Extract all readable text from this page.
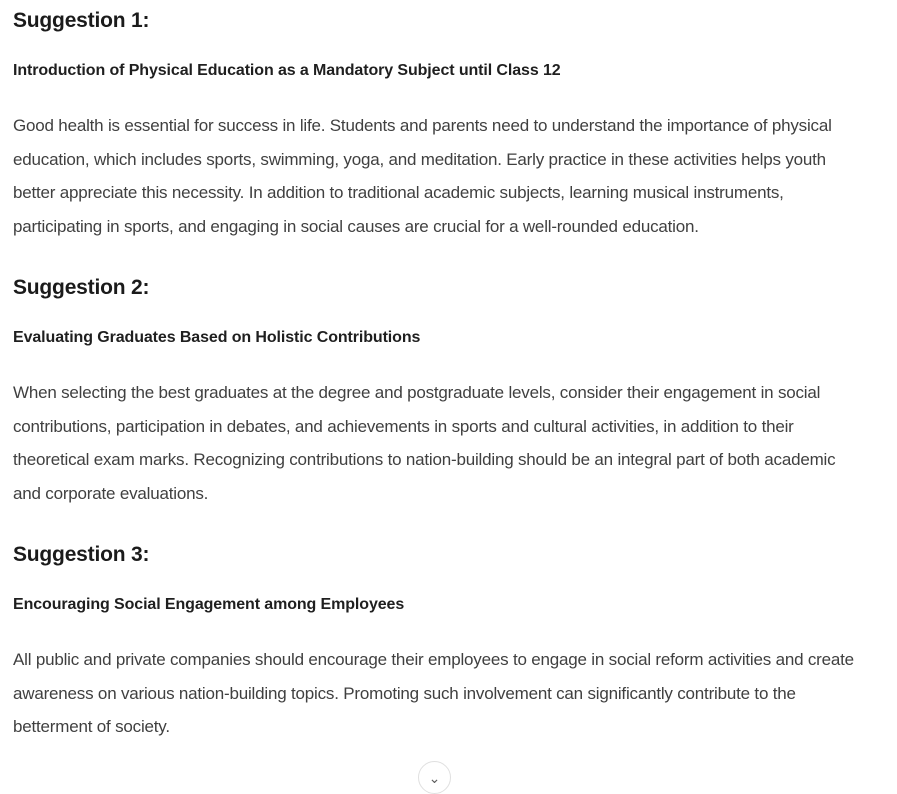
Suggestion 1:

Introduction of Physical Education as a Mandatory Subject until Class 12

Good health is essential for success in life. Students and parents need to understand the importance of physical education, which includes sports, swimming, yoga, and meditation. Early practice in these activities helps youth better appreciate this necessity. In addition to traditional academic subjects, learning musical instruments, participating in sports, and engaging in social causes are crucial for a well-rounded education.

Suggestion 2:

Evaluating Graduates Based on Holistic Contributions

When selecting the best graduates at the degree and postgraduate levels, consider their engagement in social contributions, participation in debates, and achievements in sports and cultural activities, in addition to their theoretical exam marks. Recognizing contributions to nation-building should be an integral part of both academic and corporate evaluations.

Suggestion 3:

Encouraging Social Engagement among Employees

All public and private companies should encourage their employees to engage in social reform activities and create awareness on various nation-building topics. Promoting such involvement can significantly contribute to the betterment of society.

⌄
